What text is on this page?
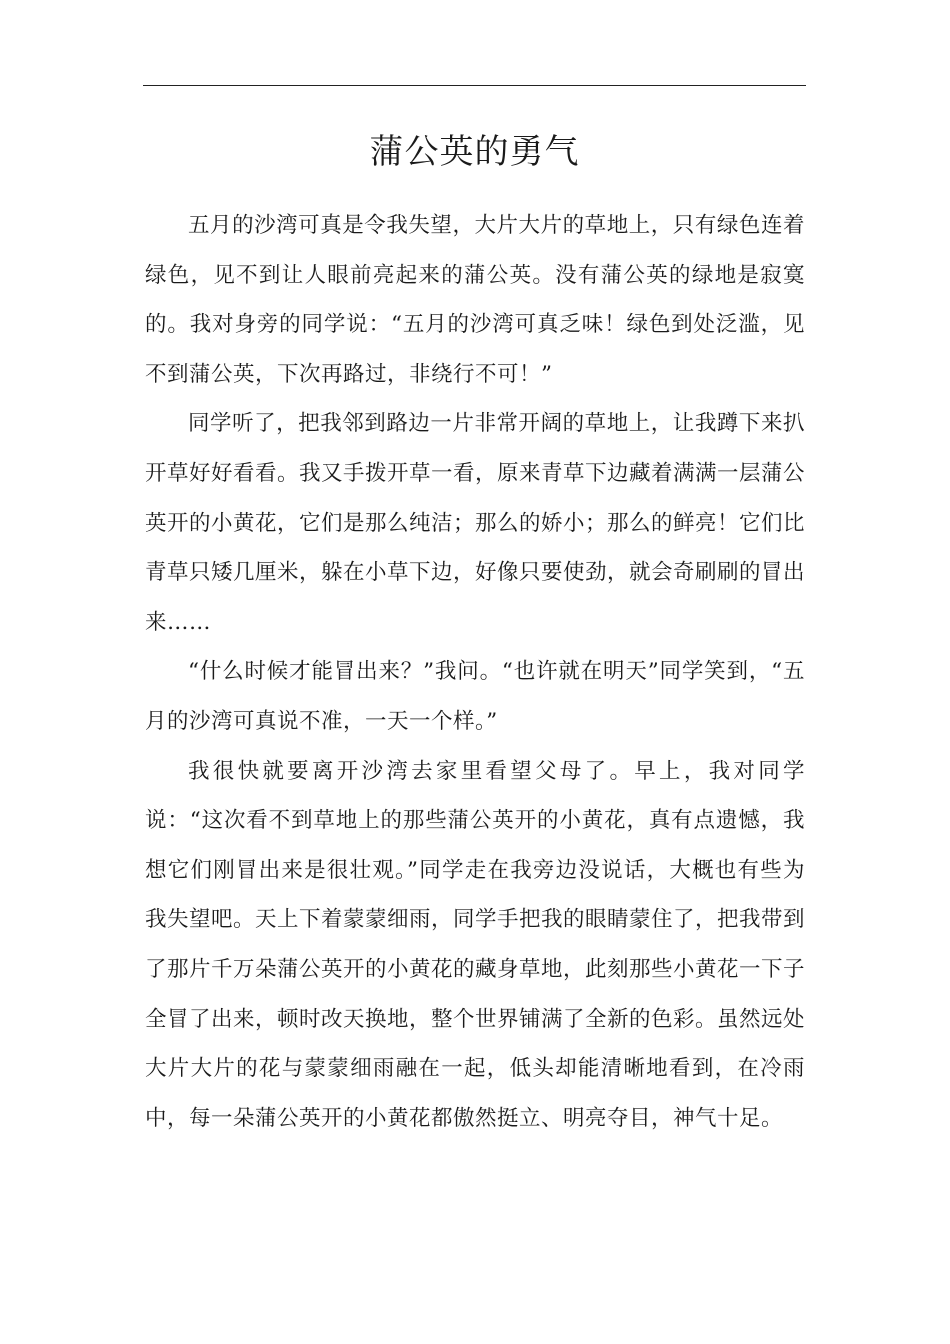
蒲公英的勇气

五月的沙湾可真是令我失望，大片大片的草地上，只有绿色连着绿色，见不到让人眼前亮起来的蒲公英。没有蒲公英的绿地是寂寞的。我对身旁的同学说：“五月的沙湾可真乏味！绿色到处泛滥，见不到蒲公英，下次再路过，非绕行不可！”

同学听了，把我邻到路边一片非常开阔的草地上，让我蹲下来扒开草好好看看。我又手拨开草一看，原来青草下边藏着满满一层蒲公英开的小黄花，它们是那么纯洁；那么的娇小；那么的鲜亮！它们比青草只矮几厘米，躲在小草下边，好像只要使劲，就会奇刷刷的冒出来……

“什么时候才能冒出来？”我问。“也许就在明天”同学笑到，“五月的沙湾可真说不准，一天一个样。”

我很快就要离开沙湾去家里看望父母了。早上，我对同学说：“这次看不到草地上的那些蒲公英开的小黄花，真有点遗憾，我想它们刚冒出来是很壮观。”同学走在我旁边没说话，大概也有些为我失望吧。天上下着蒙蒙细雨，同学手把我的眼睛蒙住了，把我带到了那片千万朵蒲公英开的小黄花的藏身草地，此刻那些小黄花一下子全冒了出来，顿时改天换地，整个世界铺满了全新的色彩。虽然远处大片大片的花与蒙蒙细雨融在一起，低头却能清晰地看到，在冷雨中，每一朵蒲公英开的小黄花都傲然挺立、明亮夺目，神气十足。
